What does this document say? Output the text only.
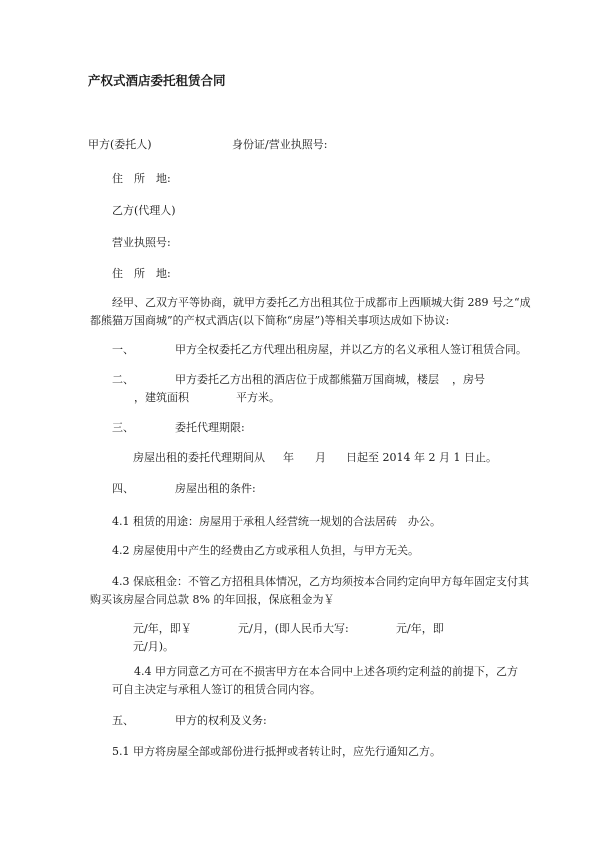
产权式酒店委托租赁合同
甲方(委托人)	身份证/营业执照号:
住　所　地:
乙方(代理人)
营业执照号:
住　所　地:
经甲、乙双方平等协商，就甲方委托乙方出租其位于成都市上西顺城大街 289 号之“成
都熊猫万国商城”的产权式酒店(以下简称“房屋”)等相关事项达成如下协议:
一、	甲方全权委托乙方代理出租房屋，并以乙方的名义承租人签订租赁合同。
二、	甲方委托乙方出租的酒店位于成都熊猫万国商城，楼层 ，房号
，建筑面积	平方米。
三、	委托代理期限:
房屋出租的委托代理期间从 年 月 日起至 2014 年 2 月 1 日止。
四、	房屋出租的条件:
4.1 租赁的用途：房屋用于承租人经营统一规划的合法居砖　办公。
4.2 房屋使用中产生的经费由乙方或承租人负担，与甲方无关。
4.3 保底租金：不管乙方招租具体情况，乙方均须按本合同约定向甲方每年固定支付其
购买该房屋合同总款 8% 的年回报，保底租金为￥
元/年，即￥	元/月，(即人民币大写:	元/年，即
元/月)。
4.4 甲方同意乙方可在不损害甲方在本合同中上述各项约定利益的前提下，乙方
可自主决定与承租人签订的租赁合同内容。
五、	甲方的权利及义务:
5.1 甲方将房屋全部或部份进行抵押或者转让时，应先行通知乙方。
